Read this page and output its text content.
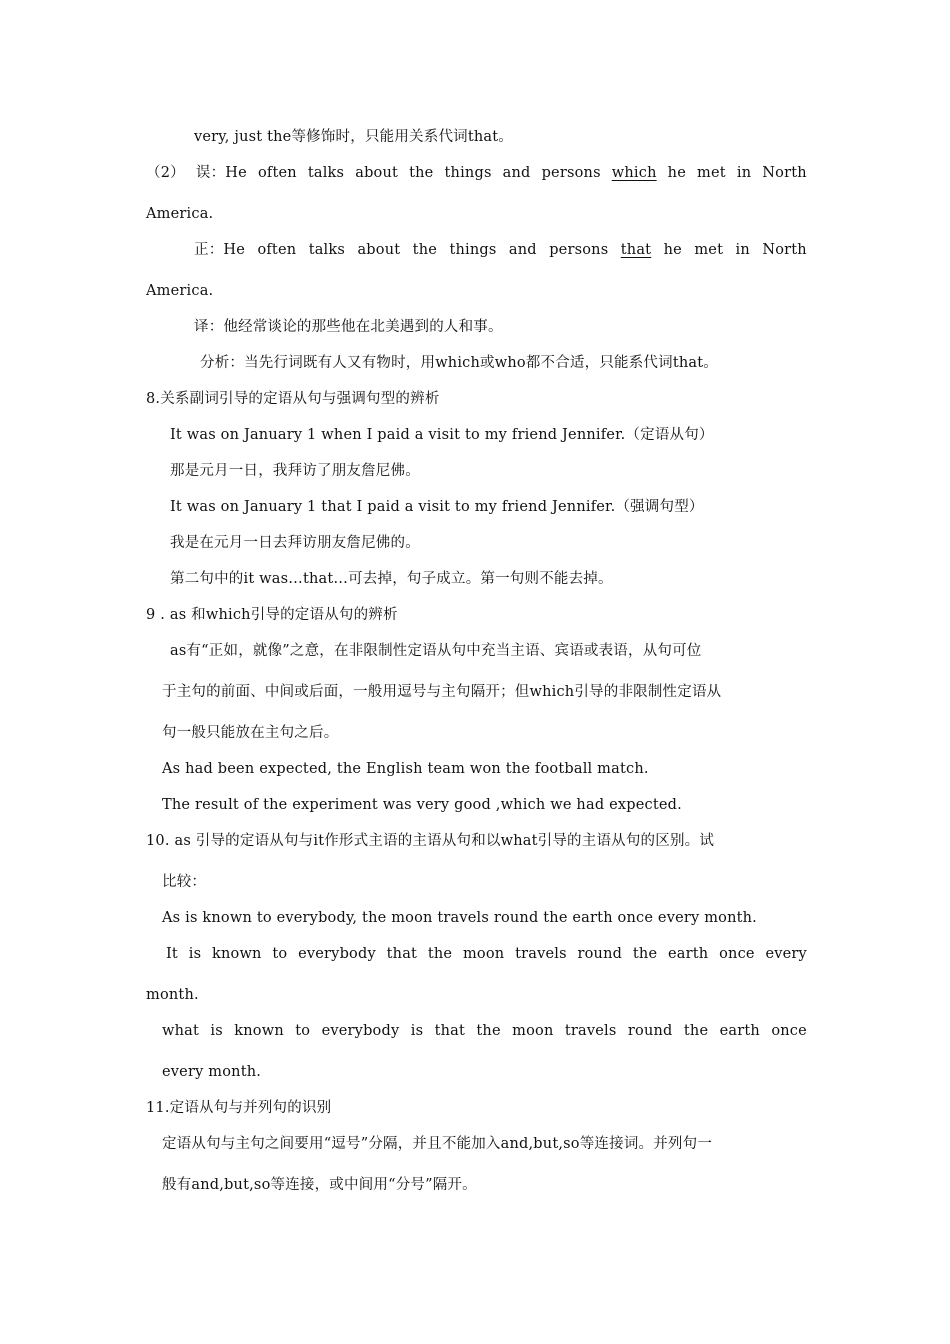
very, just the等修饰时，只能用关系代词that。
（2） 误：He often talks about the things and persons which he met in North
America.
正：He often talks about the things and persons that he met in North
America.
译：他经常谈论的那些他在北美遇到的人和事。
分析：当先行词既有人又有物时，用which或who都不合适，只能系代词that。
8.关系副词引导的定语从句与强调句型的辨析
It was on January 1 when I paid a visit to my friend Jennifer.（定语从句）
那是元月一日，我拜访了朋友詹尼佛。
It was on January 1 that I paid a visit to my friend Jennifer.（强调句型）
我是在元月一日去拜访朋友詹尼佛的。
第二句中的it was…that…可去掉，句子成立。第一句则不能去掉。
9 . as 和which引导的定语从句的辨析
as有“正如，就像”之意，在非限制性定语从句中充当主语、宾语或表语，从句可位
于主句的前面、中间或后面，一般用逗号与主句隔开；但which引导的非限制性定语从
句一般只能放在主句之后。
As had been expected, the English team won the football match.
The result of the experiment was very good ,which we had expected.
10. as 引导的定语从句与it作形式主语的主语从句和以what引导的主语从句的区别。试
比较：
As is known to everybody, the moon travels round the earth once every month.
It is known to everybody that the moon travels round the earth once every
month.
what is known to everybody is that the moon travels round the earth once
every month.
11.定语从句与并列句的识别
定语从句与主句之间要用“逗号”分隔，并且不能加入and,but,so等连接词。并列句一
般有and,but,so等连接，或中间用“分号”隔开。
